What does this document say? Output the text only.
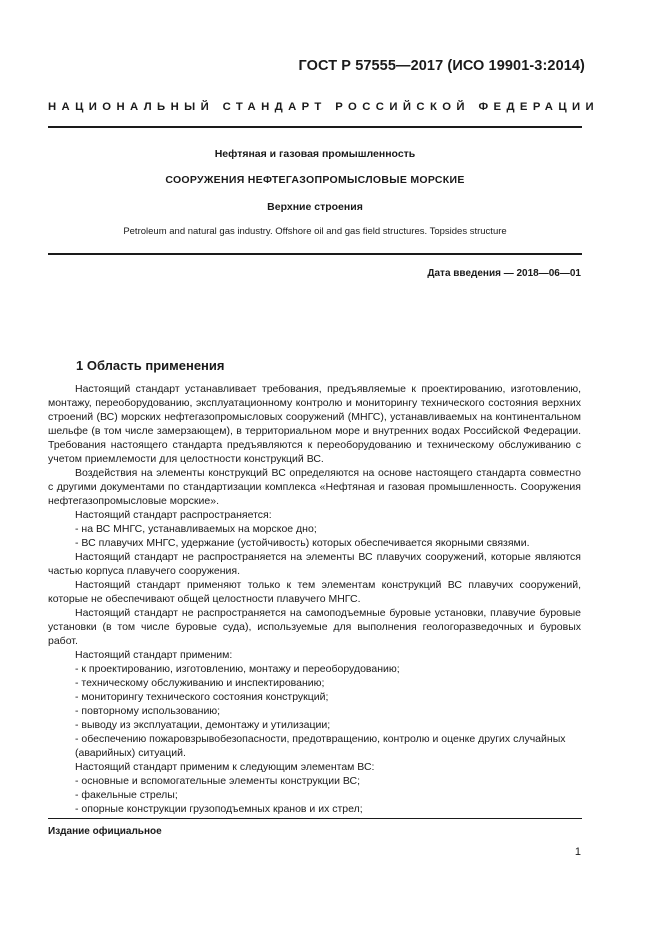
ГОСТ Р 57555—2017 (ИСО 19901-3:2014)
НАЦИОНАЛЬНЫЙ СТАНДАРТ РОССИЙСКОЙ ФЕДЕРАЦИИ
Нефтяная и газовая промышленность
СООРУЖЕНИЯ НЕФТЕГАЗОПРОМЫСЛОВЫЕ МОРСКИЕ
Верхние строения
Petroleum and natural gas industry. Offshore oil and gas field structures. Topsides structure
Дата введения — 2018—06—01
1 Область применения

Настоящий стандарт устанавливает требования, предъявляемые к проектированию, изготовлению, монтажу, переоборудованию, эксплуатационному контролю и мониторингу технического состояния верхних строений (ВС) морских нефтегазопромысловых сооружений (МНГС), устанавливаемых на континентальном шельфе (в том числе замерзающем), в территориальном море и внутренних водах Российской Федерации. Требования настоящего стандарта предъявляются к переоборудованию и техническому обслуживанию с учетом приемлемости для целостности конструкций ВС.

Воздействия на элементы конструкций ВС определяются на основе настоящего стандарта совместно с другими документами по стандартизации комплекса «Нефтяная и газовая промышленность. Сооружения нефтегазопромысловые морские».

Настоящий стандарт распространяется:

- на ВС МНГС, устанавливаемых на морское дно;

- ВС плавучих МНГС, удержание (устойчивость) которых обеспечивается якорными связями.

Настоящий стандарт не распространяется на элементы ВС плавучих сооружений, которые являются частью корпуса плавучего сооружения.

Настоящий стандарт применяют только к тем элементам конструкций ВС плавучих сооружений, которые не обеспечивают общей целостности плавучего МНГС.

Настоящий стандарт не распространяется на самоподъемные буровые установки, плавучие буровые установки (в том числе буровые суда), используемые для выполнения геологоразведочных и буровых работ.

Настоящий стандарт применим:

- к проектированию, изготовлению, монтажу и переоборудованию;

- техническому обслуживанию и инспектированию;

- мониторингу технического состояния конструкций;

- повторному использованию;

- выводу из эксплуатации, демонтажу и утилизации;

- обеспечению пожаровзрывобезопасности, предотвращению, контролю и оценке других случайных (аварийных) ситуаций.

Настоящий стандарт применим к следующим элементам ВС:

- основные и вспомогательные элементы конструкции ВС;

- факельные стрелы;

- опорные конструкции грузоподъемных кранов и их стрел;

Издание официальное
1
